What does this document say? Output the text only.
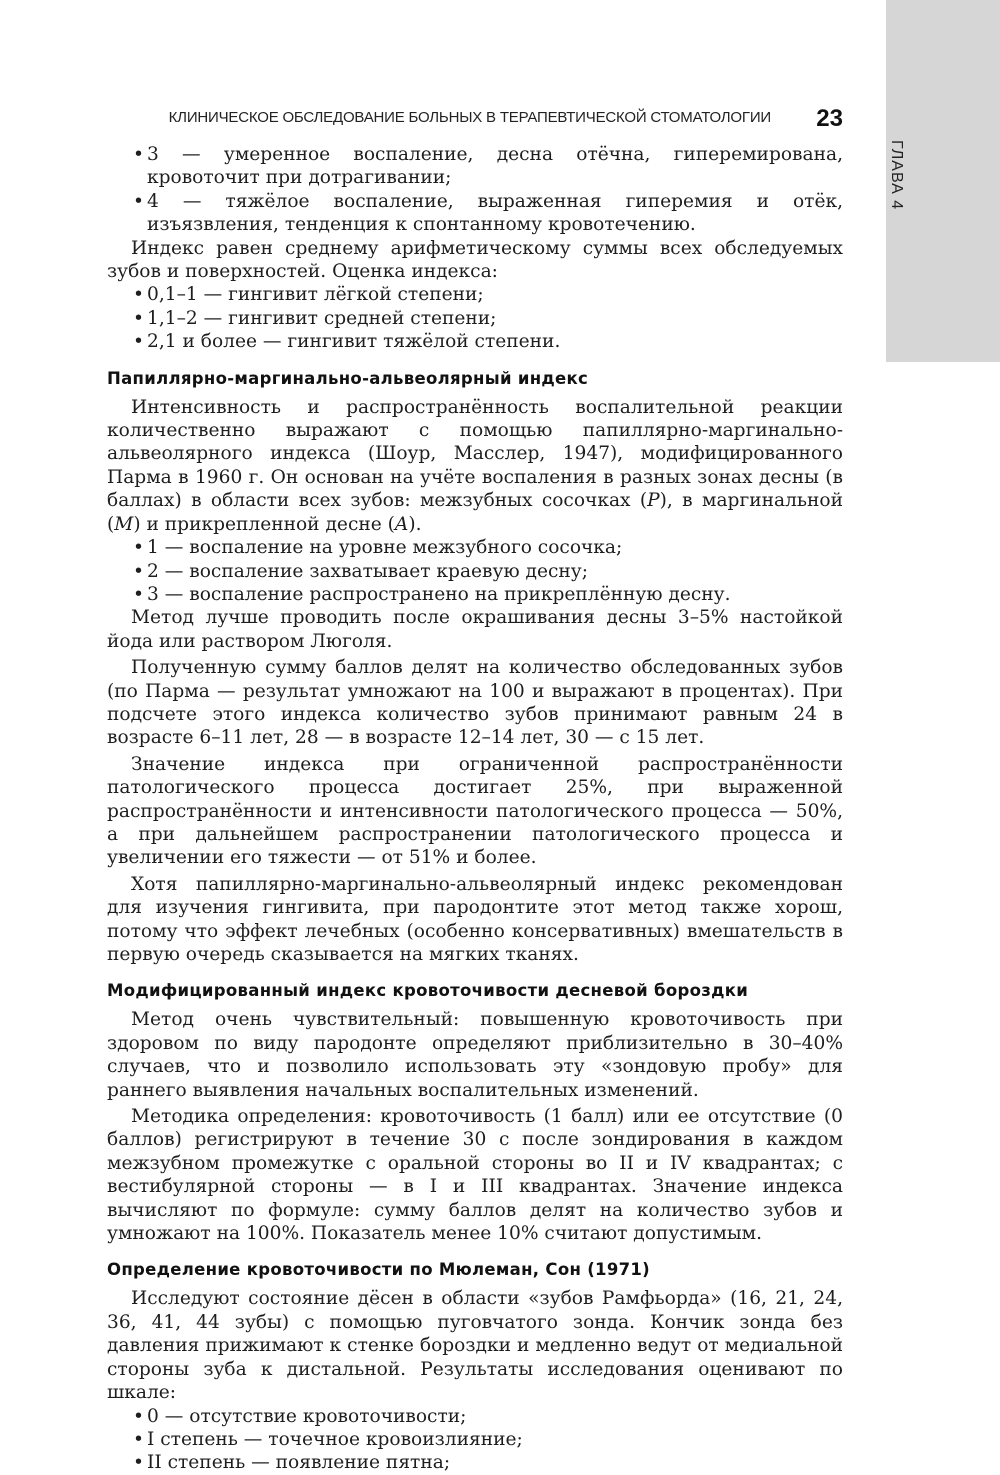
ГЛАВА 4
КЛИНИЧЕСКОЕ ОБСЛЕДОВАНИЕ БОЛЬНЫХ В ТЕРАПЕВТИЧЕСКОЙ СТОМАТОЛОГИИ 23
• 3 — умеренное воспаление, десна отёчна, гиперемирована, кровоточит при дотрагивании;
• 4 — тяжёлое воспаление, выраженная гиперемия и отёк, изъязвления, тенденция к спонтанному кровотечению.

Индекс равен среднему арифметическому суммы всех обследуемых зубов и поверхностей. Оценка индекса:

• 0,1–1 — гингивит лёгкой степени;
• 1,1–2 — гингивит средней степени;
• 2,1 и более — гингивит тяжёлой степени.
Папиллярно-маргинально-альвеолярный индекс

Интенсивность и распространённость воспалительной реакции количественно выражают с помощью папиллярно-маргинально-альвеолярного индекса (Шоур, Масслер, 1947), модифицированного Парма в 1960 г. Он основан на учёте воспаления в разных зонах десны (в баллах) в области всех зубов: межзубных сосочках (P), в маргинальной (M) и прикрепленной десне (A).

• 1 — воспаление на уровне межзубного сосочка;
• 2 — воспаление захватывает краевую десну;
• 3 — воспаление распространено на прикреплённую десну.

Метод лучше проводить после окрашивания десны 3–5% настойкой йода или раствором Люголя.

Полученную сумму баллов делят на количество обследованных зубов (по Парма — результат умножают на 100 и выражают в процентах). При подсчете этого индекса количество зубов принимают равным 24 в возрасте 6–11 лет, 28 — в возрасте 12–14 лет, 30 — с 15 лет.

Значение индекса при ограниченной распространённости патологического процесса достигает 25%, при выраженной распространённости и интенсивности патологического процесса — 50%, а при дальнейшем распространении патологического процесса и увеличении его тяжести — от 51% и более.

Хотя папиллярно-маргинально-альвеолярный индекс рекомендован для изучения гингивита, при пародонтите этот метод также хорош, потому что эффект лечебных (особенно консервативных) вмешательств в первую очередь сказывается на мягких тканях.

Модифицированный индекс кровоточивости десневой бороздки

Метод очень чувствительный: повышенную кровоточивость при здоровом по виду пародонте определяют приблизительно в 30–40% случаев, что и позволило использовать эту «зондовую пробу» для раннего выявления начальных воспалительных изменений.

Методика определения: кровоточивость (1 балл) или ее отсутствие (0 баллов) регистрируют в течение 30 с после зондирования в каждом межзубном промежутке с оральной стороны во II и IV квадрантах; с вестибулярной стороны — в I и III квадрантах. Значение индекса вычисляют по формуле: сумму баллов делят на количество зубов и умножают на 100%. Показатель менее 10% считают допустимым.

Определение кровоточивости по Мюлеман, Сон (1971)

Исследуют состояние дёсен в области «зубов Рамфьорда» (16, 21, 24, 36, 41, 44 зубы) с помощью пуговчатого зонда. Кончик зонда без давления прижимают к стенке бороздки и медленно ведут от медиальной стороны зуба к дистальной. Результаты исследования оценивают по шкале:

• 0 — отсутствие кровоточивости;
• I степень — точечное кровоизлияние;
• II степень — появление пятна;
